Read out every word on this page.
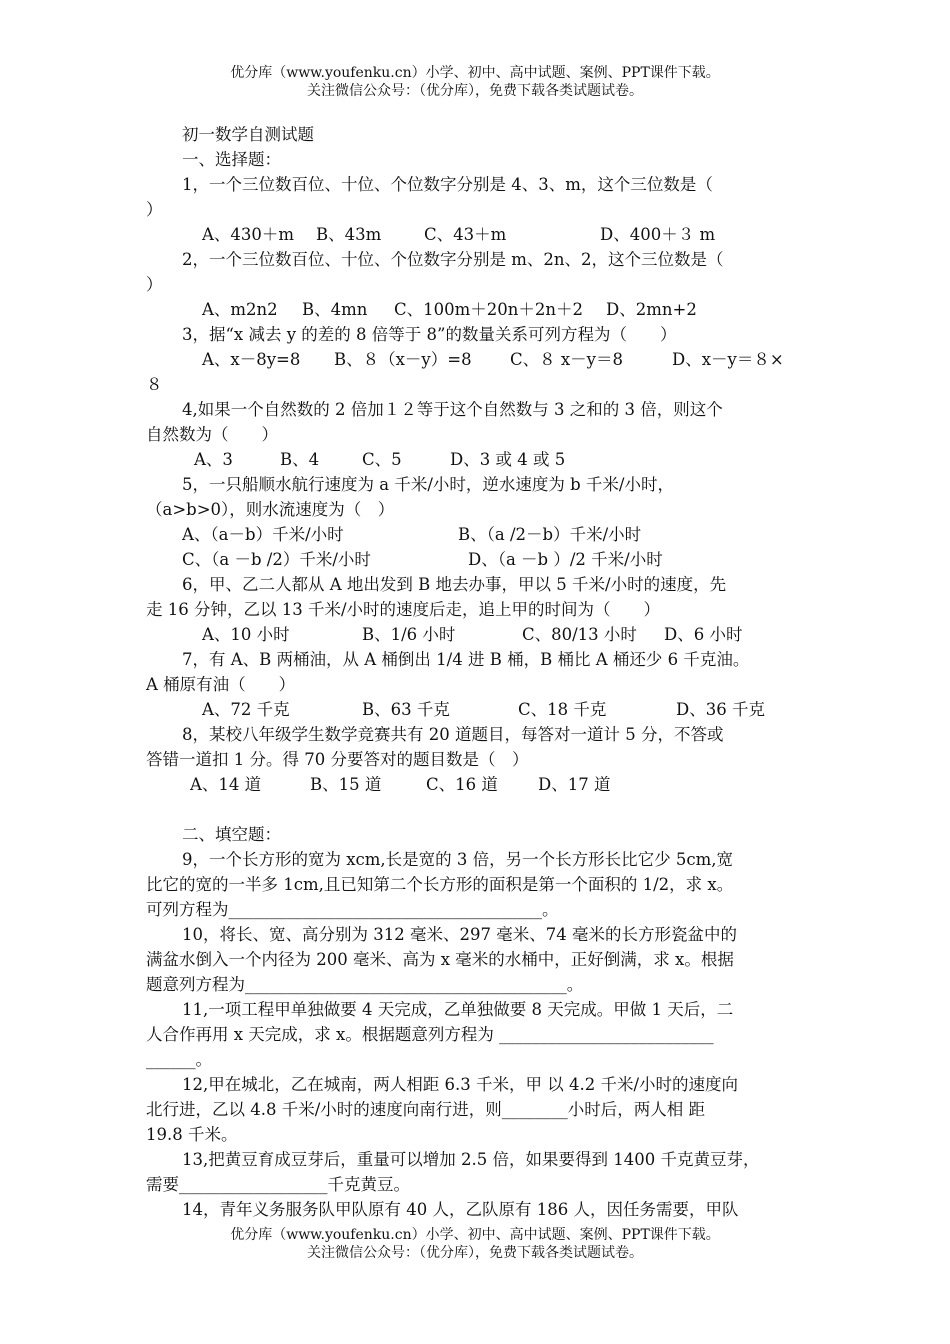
优分库（www.youfenku.cn）小学、初中、高中试题、案例、PPT课件下载。
关注微信公众号：（优分库），免费下载各类试题试卷。
初一数学自测试题
一、选择题：
1，一个三位数百位、十位、个位数字分别是 4、3、m，这个三位数是（
）
A、430＋m B、43m	C、43＋m	D、400＋３ m
2，一个三位数百位、十位、个位数字分别是 m、2n、2，这个三位数是（
）
A、m2n2 B、4mn C、100m＋20n＋2n＋2 D、2mn+2
3，据“x 减去 y 的差的 8 倍等于 8”的数量关系可列方程为（　　）
A、x－8y=8 B、８（x－y）=8 C、８ x－y＝8	D、x－y＝８×
８
4,如果一个自然数的 2 倍加１２等于这个自然数与 3 之和的 3 倍，则这个
自然数为（　　）
A、3	B、4	C、5	D、3 或 4 或 5
5，一只船顺水航行速度为 a 千米/小时，逆水速度为 b 千米/小时，
（a>b>0），则水流速度为（　）
A、（a－b）千米/小时	B、（a /2－b）千米/小时
C、（a －b /2）千米/小时	D、（a －b ）/2 千米/小时
6，甲、乙二人都从 A 地出发到 B 地去办事，甲以 5 千米/小时的速度，先
走 16 分钟，乙以 13 千米/小时的速度后走，追上甲的时间为（　　）
A、10 小时	B、1/6 小时	C、80/13 小时 D、6 小时
7，有 A、B 两桶油，从 A 桶倒出 1/4 进 B 桶，B 桶比 A 桶还少 6 千克油。
A 桶原有油（　　）
A、72 千克	B、63 千克	C、18 千克	D、36 千克
8，某校八年级学生数学竞赛共有 20 道题目，每答对一道计 5 分，不答或
答错一道扣 1 分。得 70 分要答对的题目数是（　）
A、14 道	B、15 道	C、16 道 D、17 道
二、填空题：
9，一个长方形的宽为 xcm,长是宽的 3 倍，另一个长方形长比它少 5cm,宽
比它的宽的一半多 1cm,且已知第二个长方形的面积是第一个面积的 1/2，求 x。
可列方程为______________________________________。
10，将长、宽、高分别为 312 毫米、297 毫米、74 毫米的长方形瓷盆中的
满盆水倒入一个内径为 200 毫米、高为 x 毫米的水桶中，正好倒满，求 x。根据
题意列方程为_______________________________________。
11,一项工程甲单独做要 4 天完成，乙单独做要 8 天完成。甲做 1 天后，二
人合作再用 x 天完成，求 x。根据题意列方程为 __________________________
______。
12,甲在城北，乙在城南，两人相距 6.3 千米，甲 以 4.2 千米/小时的速度向
北行进，乙以 4.8 千米/小时的速度向南行进，则________小时后，两人相 距
19.8 千米。
13,把黄豆育成豆芽后，重量可以增加 2.5 倍，如果要得到 1400 千克黄豆芽，
需要__________________千克黄豆。
14，青年义务服务队甲队原有 40 人，乙队原有 186 人，因任务需要，甲队
优分库（www.youfenku.cn）小学、初中、高中试题、案例、PPT课件下载。
关注微信公众号：（优分库），免费下载各类试题试卷。
